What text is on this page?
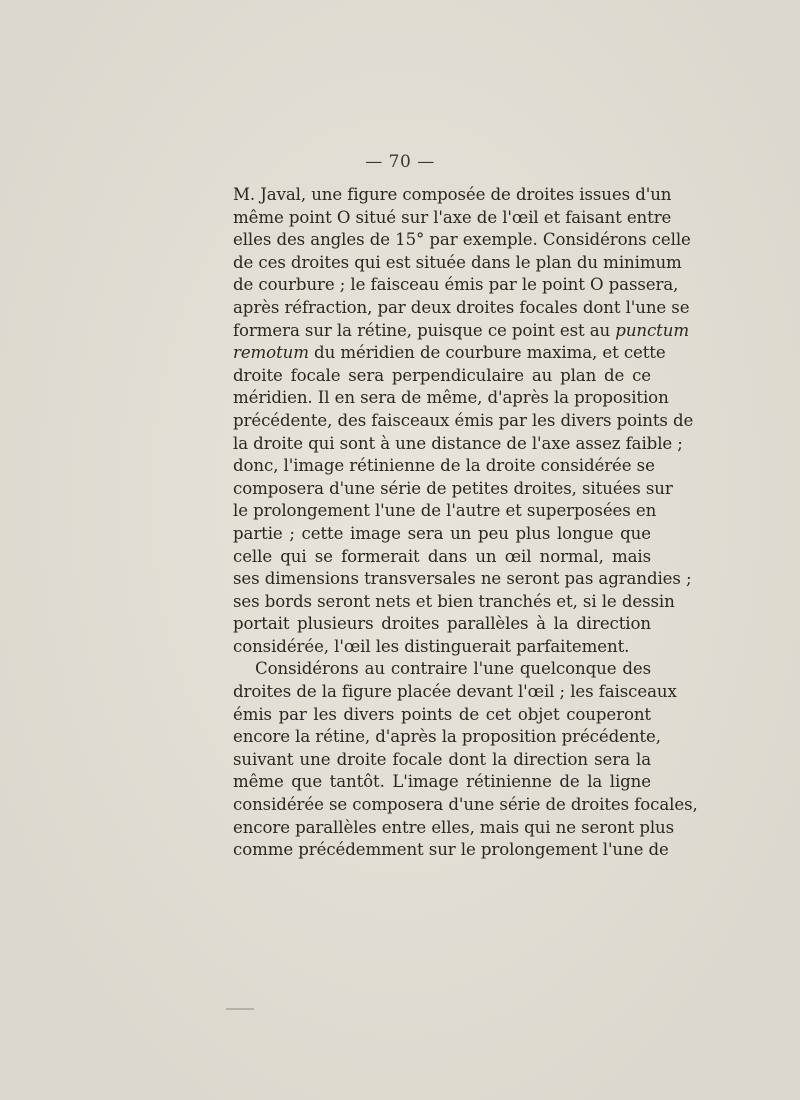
— 70 —
M. Javal, une figure composée de droites issues d'un
même point O situé sur l'axe de l'œil et faisant entre
elles des angles de 15° par exemple. Considérons celle
de ces droites qui est située dans le plan du minimum
de courbure ; le faisceau émis par le point O passera,
après réfraction, par deux droites focales dont l'une se
formera sur la rétine, puisque ce point est au punctum
remotum du méridien de courbure maxima, et cette
droite focale sera perpendiculaire au plan de ce
méridien. Il en sera de même, d'après la proposition
précédente, des faisceaux émis par les divers points de
la droite qui sont à une distance de l'axe assez faible ;
donc, l'image rétinienne de la droite considérée se
composera d'une série de petites droites, situées sur
le prolongement l'une de l'autre et superposées en
partie ; cette image sera un peu plus longue que
celle qui se formerait dans un œil normal, mais
ses dimensions transversales ne seront pas agrandies ;
ses bords seront nets et bien tranchés et, si le dessin
portait plusieurs droites parallèles à la direction
considérée, l'œil les distinguerait parfaitement.
Considérons au contraire l'une quelconque des
droites de la figure placée devant l'œil ; les faisceaux
émis par les divers points de cet objet couperont
encore la rétine, d'après la proposition précédente,
suivant une droite focale dont la direction sera la
même que tantôt. L'image rétinienne de la ligne
considérée se composera d'une série de droites focales,
encore parallèles entre elles, mais qui ne seront plus
comme précédemment sur le prolongement l'une de
